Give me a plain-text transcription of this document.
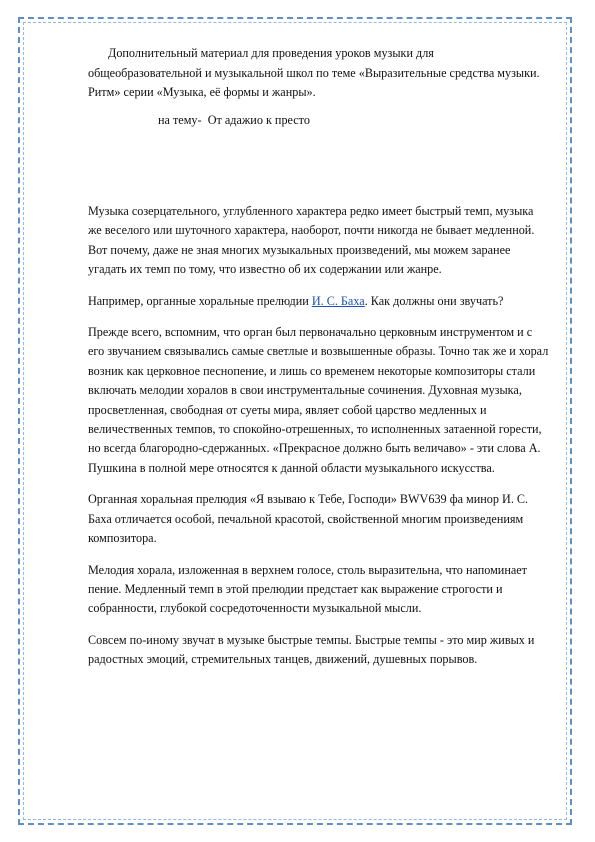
Дополнительный материал для проведения уроков музыки для общеобразовательной и музыкальной школ по теме «Выразительные средства музыки. Ритм» серии «Музыка, её формы и жанры».

на тему- От адажио к престо

Музыка созерцательного, углубленного характера редко имеет быстрый темп, музыка же веселого или шуточного характера, наоборот, почти никогда не бывает медленной. Вот почему, даже не зная многих музыкальных произведений, мы можем заранее угадать их темп по тому, что известно об их содержании или жанре.

Например, органные хоральные прелюдии И. С. Баха. Как должны они звучать?

Прежде всего, вспомним, что орган был первоначально церковным инструментом и с его звучанием связывались самые светлые и возвышенные образы. Точно так же и хорал возник как церковное песнопение, и лишь со временем некоторые композиторы стали включать мелодии хоралов в свои инструментальные сочинения. Духовная музыка, просветленная, свободная от суеты мира, являет собой царство медленных и величественных темпов, то спокойно-отрешенных, то исполненных затаенной горести, но всегда благородно-сдержанных. «Прекрасное должно быть величаво» - эти слова А. Пушкина в полной мере относятся к данной области музыкального искусства.

Органная хоральная прелюдия «Я взываю к Тебе, Господи» BWV639 фа минор И. С. Баха отличается особой, печальной красотой, свойственной многим произведениям композитора.

Мелодия хорала, изложенная в верхнем голосе, столь выразительна, что напоминает пение. Медленный темп в этой прелюдии предстает как выражение строгости и собранности, глубокой сосредоточенности музыкальной мысли.

Совсем по-иному звучат в музыке быстрые темпы. Быстрые темпы - это мир живых и радостных эмоций, стремительных танцев, движений, душевных порывов.
